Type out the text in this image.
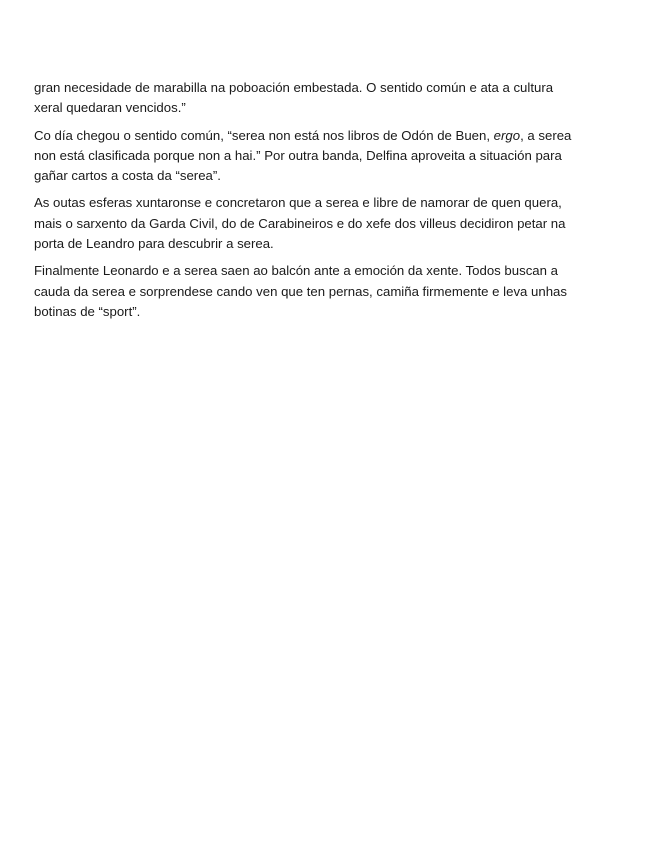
gran necesidade de marabilla na poboación embestada. O sentido común e ata a cultura
xeral quedaran vencidos.”

Co día chegou o sentido común, “serea non está nos libros de Odón de Buen, ergo, a serea
non está clasificada porque non a hai.” Por outra banda, Delfina aproveita a situación para
gañar cartos a costa da “serea”.

As outas esferas xuntaronse e concretaron que a serea e libre de namorar de quen quera,
mais o sarxento da Garda Civil, do de Carabineiros e do xefe dos villeus decidiron petar na
porta de Leandro para descubrir a serea.

Finalmente Leonardo e a serea saen ao balcón ante a emoción da xente. Todos buscan a
cauda da serea e sorprendese cando ven que ten pernas, camiña firmemente e leva unhas
botinas de “sport”.
